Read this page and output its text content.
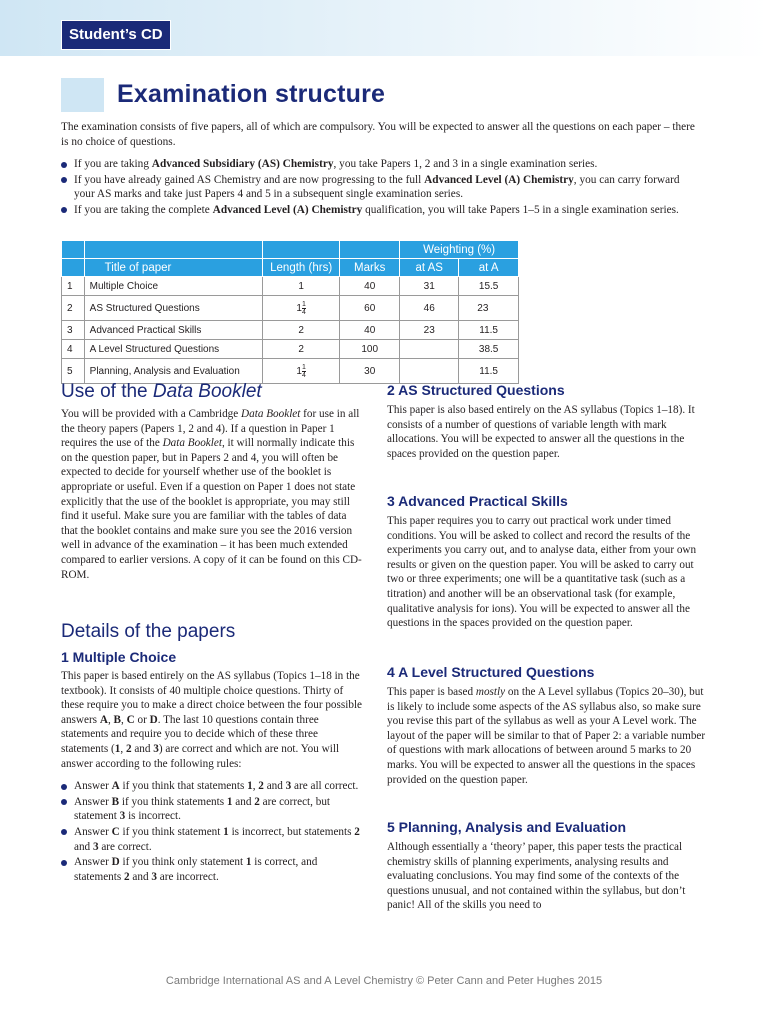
Student’s CD
Examination structure

The examination consists of five papers, all of which are compulsory. You will be expected to answer all the questions on each paper – there is no choice of questions.

If you are taking Advanced Subsidiary (AS) Chemistry, you take Papers 1, 2 and 3 in a single examination series.
If you have already gained AS Chemistry and are now progressing to the full Advanced Level (A) Chemistry, you can carry forward your AS marks and take just Papers 4 and 5 in a subsequent single examination series.
If you are taking the complete Advanced Level (A) Chemistry qualification, you will take Papers 1–5 in a single examination series.
				Weighting (%)	
	Title of paper	Length (hrs)	Marks	at AS	at A
1	Multiple Choice	1	40	31	15.5
2	AS Structured Questions	$1 \frac{1}{4}$	60	46	23
3	Advanced Practical Skills	2	40	23	11.5
4	A Level Structured Questions	2	100		38.5
5	Planning, Analysis and Evaluation	$1 \frac{1}{4}$	30		11.5
Use of the Data Booklet

You will be provided with a Cambridge Data Booklet for use in all the theory papers (Papers 1, 2 and 4). If a question in Paper 1 requires the use of the Data Booklet, it will normally indicate this on the question paper, but in Papers 2 and 4, you will often be expected to decide for yourself whether use of the booklet is appropriate or useful. Even if a question on Paper 1 does not state explicitly that the use of the booklet is appropriate, you may still find it useful. Make sure you are familiar with the tables of data that the booklet contains and make sure you see the 2016 version well in advance of the examination – it has been much extended compared to earlier versions. A copy of it can be found on this CD-ROM.

Details of the papers
1 Multiple Choice

This paper is based entirely on the AS syllabus (Topics 1–18 in the textbook). It consists of 40 multiple choice questions. Thirty of these require you to make a direct choice between the four possible answers A, B, C or D. The last 10 questions contain three statements and require you to decide which of these three statements (1, 2 and 3) are correct and which are not. You will answer according to the following rules:

Answer A if you think that statements 1, 2 and 3 are all correct.
Answer B if you think statements 1 and 2 are correct, but statement 3 is incorrect.
Answer C if you think statement 1 is incorrect, but statements 2 and 3 are correct.
Answer D if you think only statement 1 is correct, and statements 2 and 3 are incorrect.
2 AS Structured Questions

This paper is also based entirely on the AS syllabus (Topics 1–18). It consists of a number of questions of variable length with mark allocations. You will be expected to answer all the questions in the spaces provided on the question paper.

3 Advanced Practical Skills

This paper requires you to carry out practical work under timed conditions. You will be asked to collect and record the results of the experiments you carry out, and to analyse data, either from your own results or given on the question paper. You will be asked to carry out two or three experiments; one will be a quantitative task (such as a titration) and another will be an observational task (for example, qualitative analysis for ions). You will be expected to answer all the questions in the spaces provided on the question paper.

4 A Level Structured Questions

This paper is based mostly on the A Level syllabus (Topics 20–30), but is likely to include some aspects of the AS syllabus also, so make sure you revise this part of the syllabus as well as your A Level work. The layout of the paper will be similar to that of Paper 2: a variable number of questions with mark allocations of between around 5 marks to 20 marks. You will be expected to answer all the questions in the spaces provided on the question paper.

5 Planning, Analysis and Evaluation

Although essentially a ‘theory’ paper, this paper tests the practical chemistry skills of planning experiments, analysing results and evaluating conclusions. You may find some of the contexts of the questions unusual, and not contained within the syllabus, but don’t panic! All of the skills you need to

Cambridge International AS and A Level Chemistry © Peter Cann and Peter Hughes 2015
